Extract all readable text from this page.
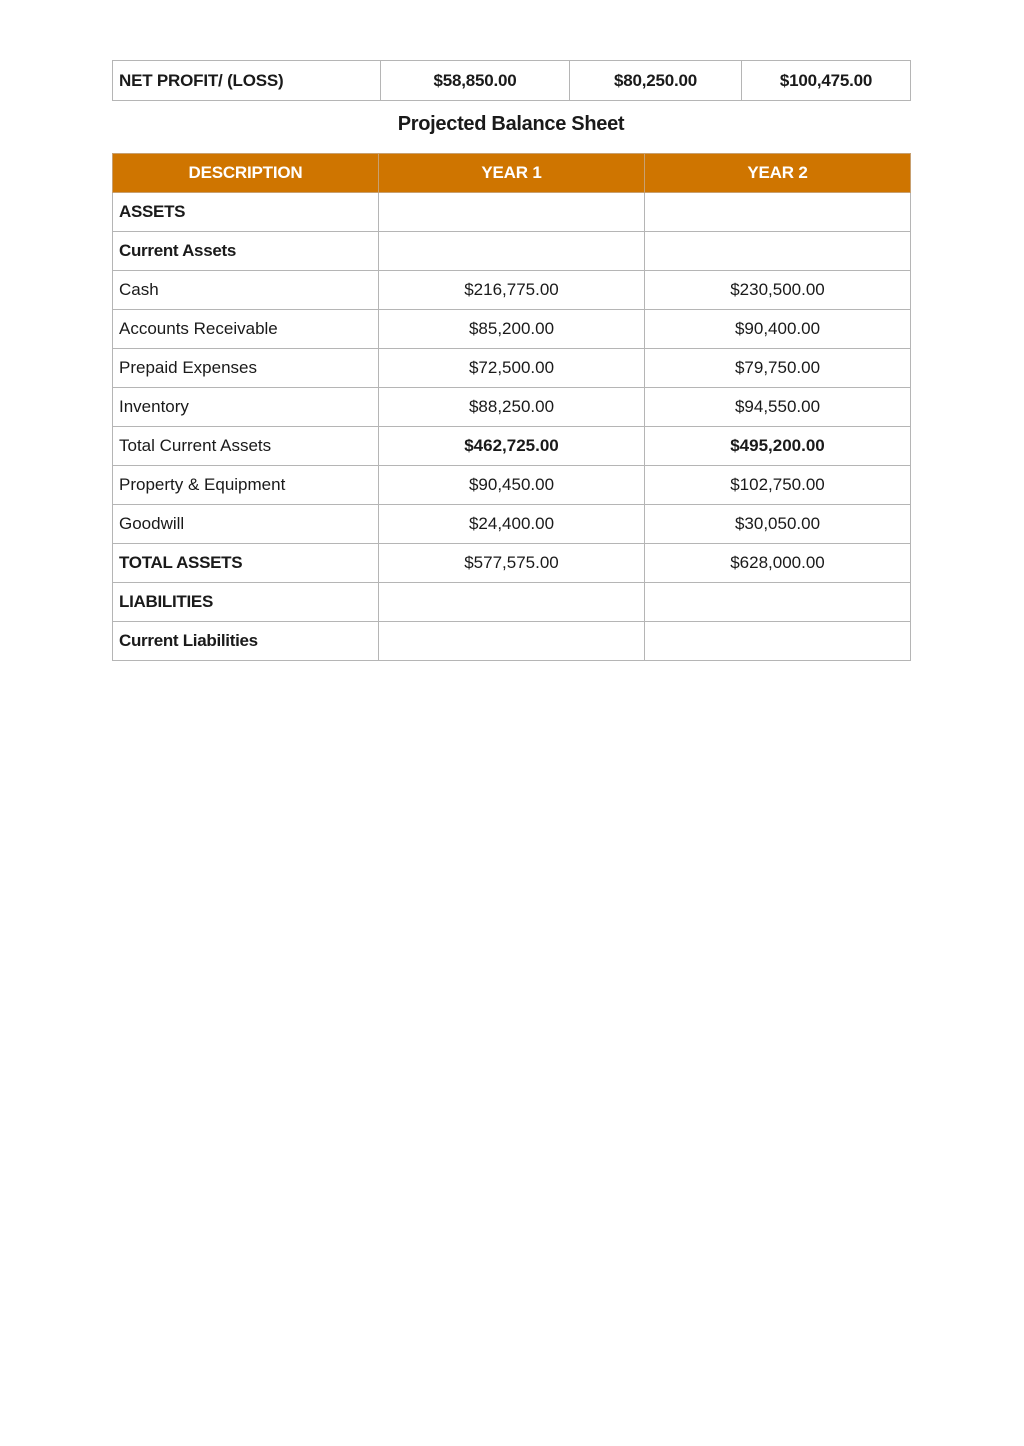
NET PROFIT/ (LOSS)	$58,850.00	$80,250.00	$100,475.00
Projected Balance Sheet
DESCRIPTION	YEAR 1	YEAR 2
ASSETS		
Current Assets		
Cash	$216,775.00	$230,500.00
Accounts Receivable	$85,200.00	$90,400.00
Prepaid Expenses	$72,500.00	$79,750.00
Inventory	$88,250.00	$94,550.00
Total Current Assets	$462,725.00	$495,200.00
Property & Equipment	$90,450.00	$102,750.00
Goodwill	$24,400.00	$30,050.00
TOTAL ASSETS	$577,575.00	$628,000.00
LIABILITIES		
Current Liabilities		
